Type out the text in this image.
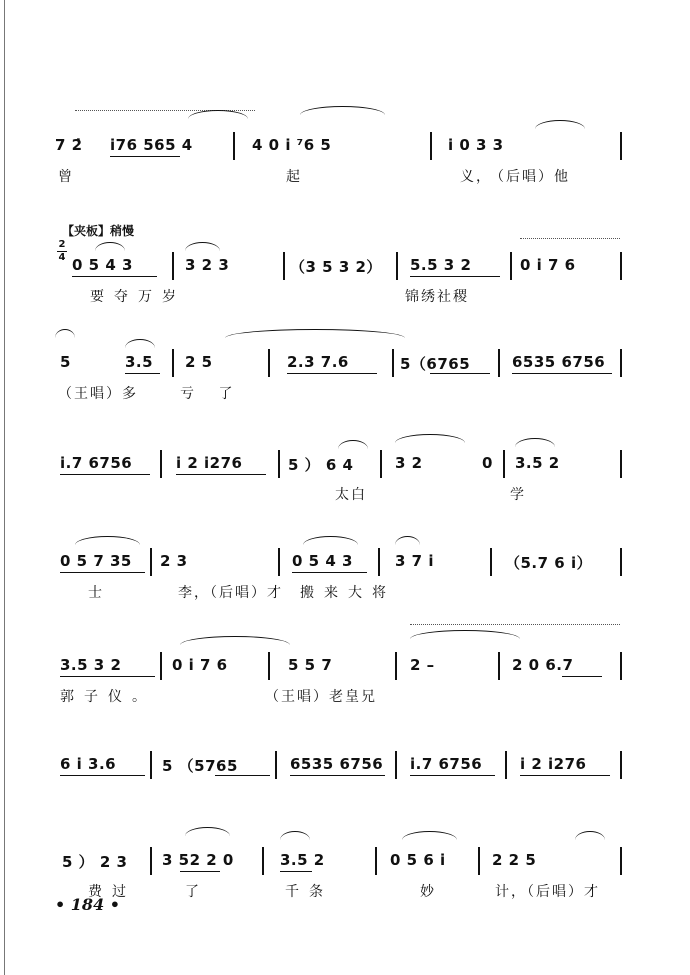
【夹板】稍慢
2
4
7 2̇ i76 565 4	4 0 i ⁷6 5	i 0 3 3
曾	起	义，
（后唱）他
0 5 4 3	3 2 3	（3 5 3 2） 5.5 3 2	0 i 7 6
要夺万岁	锦绣社稷
5	3.5 2 5	2.3 7.6	5（6765	6535 6756
（王唱）多	亏 了
i.7 6756	i 2 i276	5 ） 6 4	3 2	0 3.5 2
太白	学
0 5 7 35 2 3	0 5 4 3	3 7 i	（5.7 6 i）
士	李，（后唱）才 搬来大将
3.5 3 2	0 i 7 6	5 5 7	2 –	2 0 6.7
郭子仪。	（王唱）老皇兄
6 i 3.6	5 （5765	6535 6756 i.7 6756	i 2 i276
5 ） 2 3 3 52 2 0	3.5 2	0 5 6 i	2 2 5
费过	了	千条	妙	计，（后唱）才
• 184 •
